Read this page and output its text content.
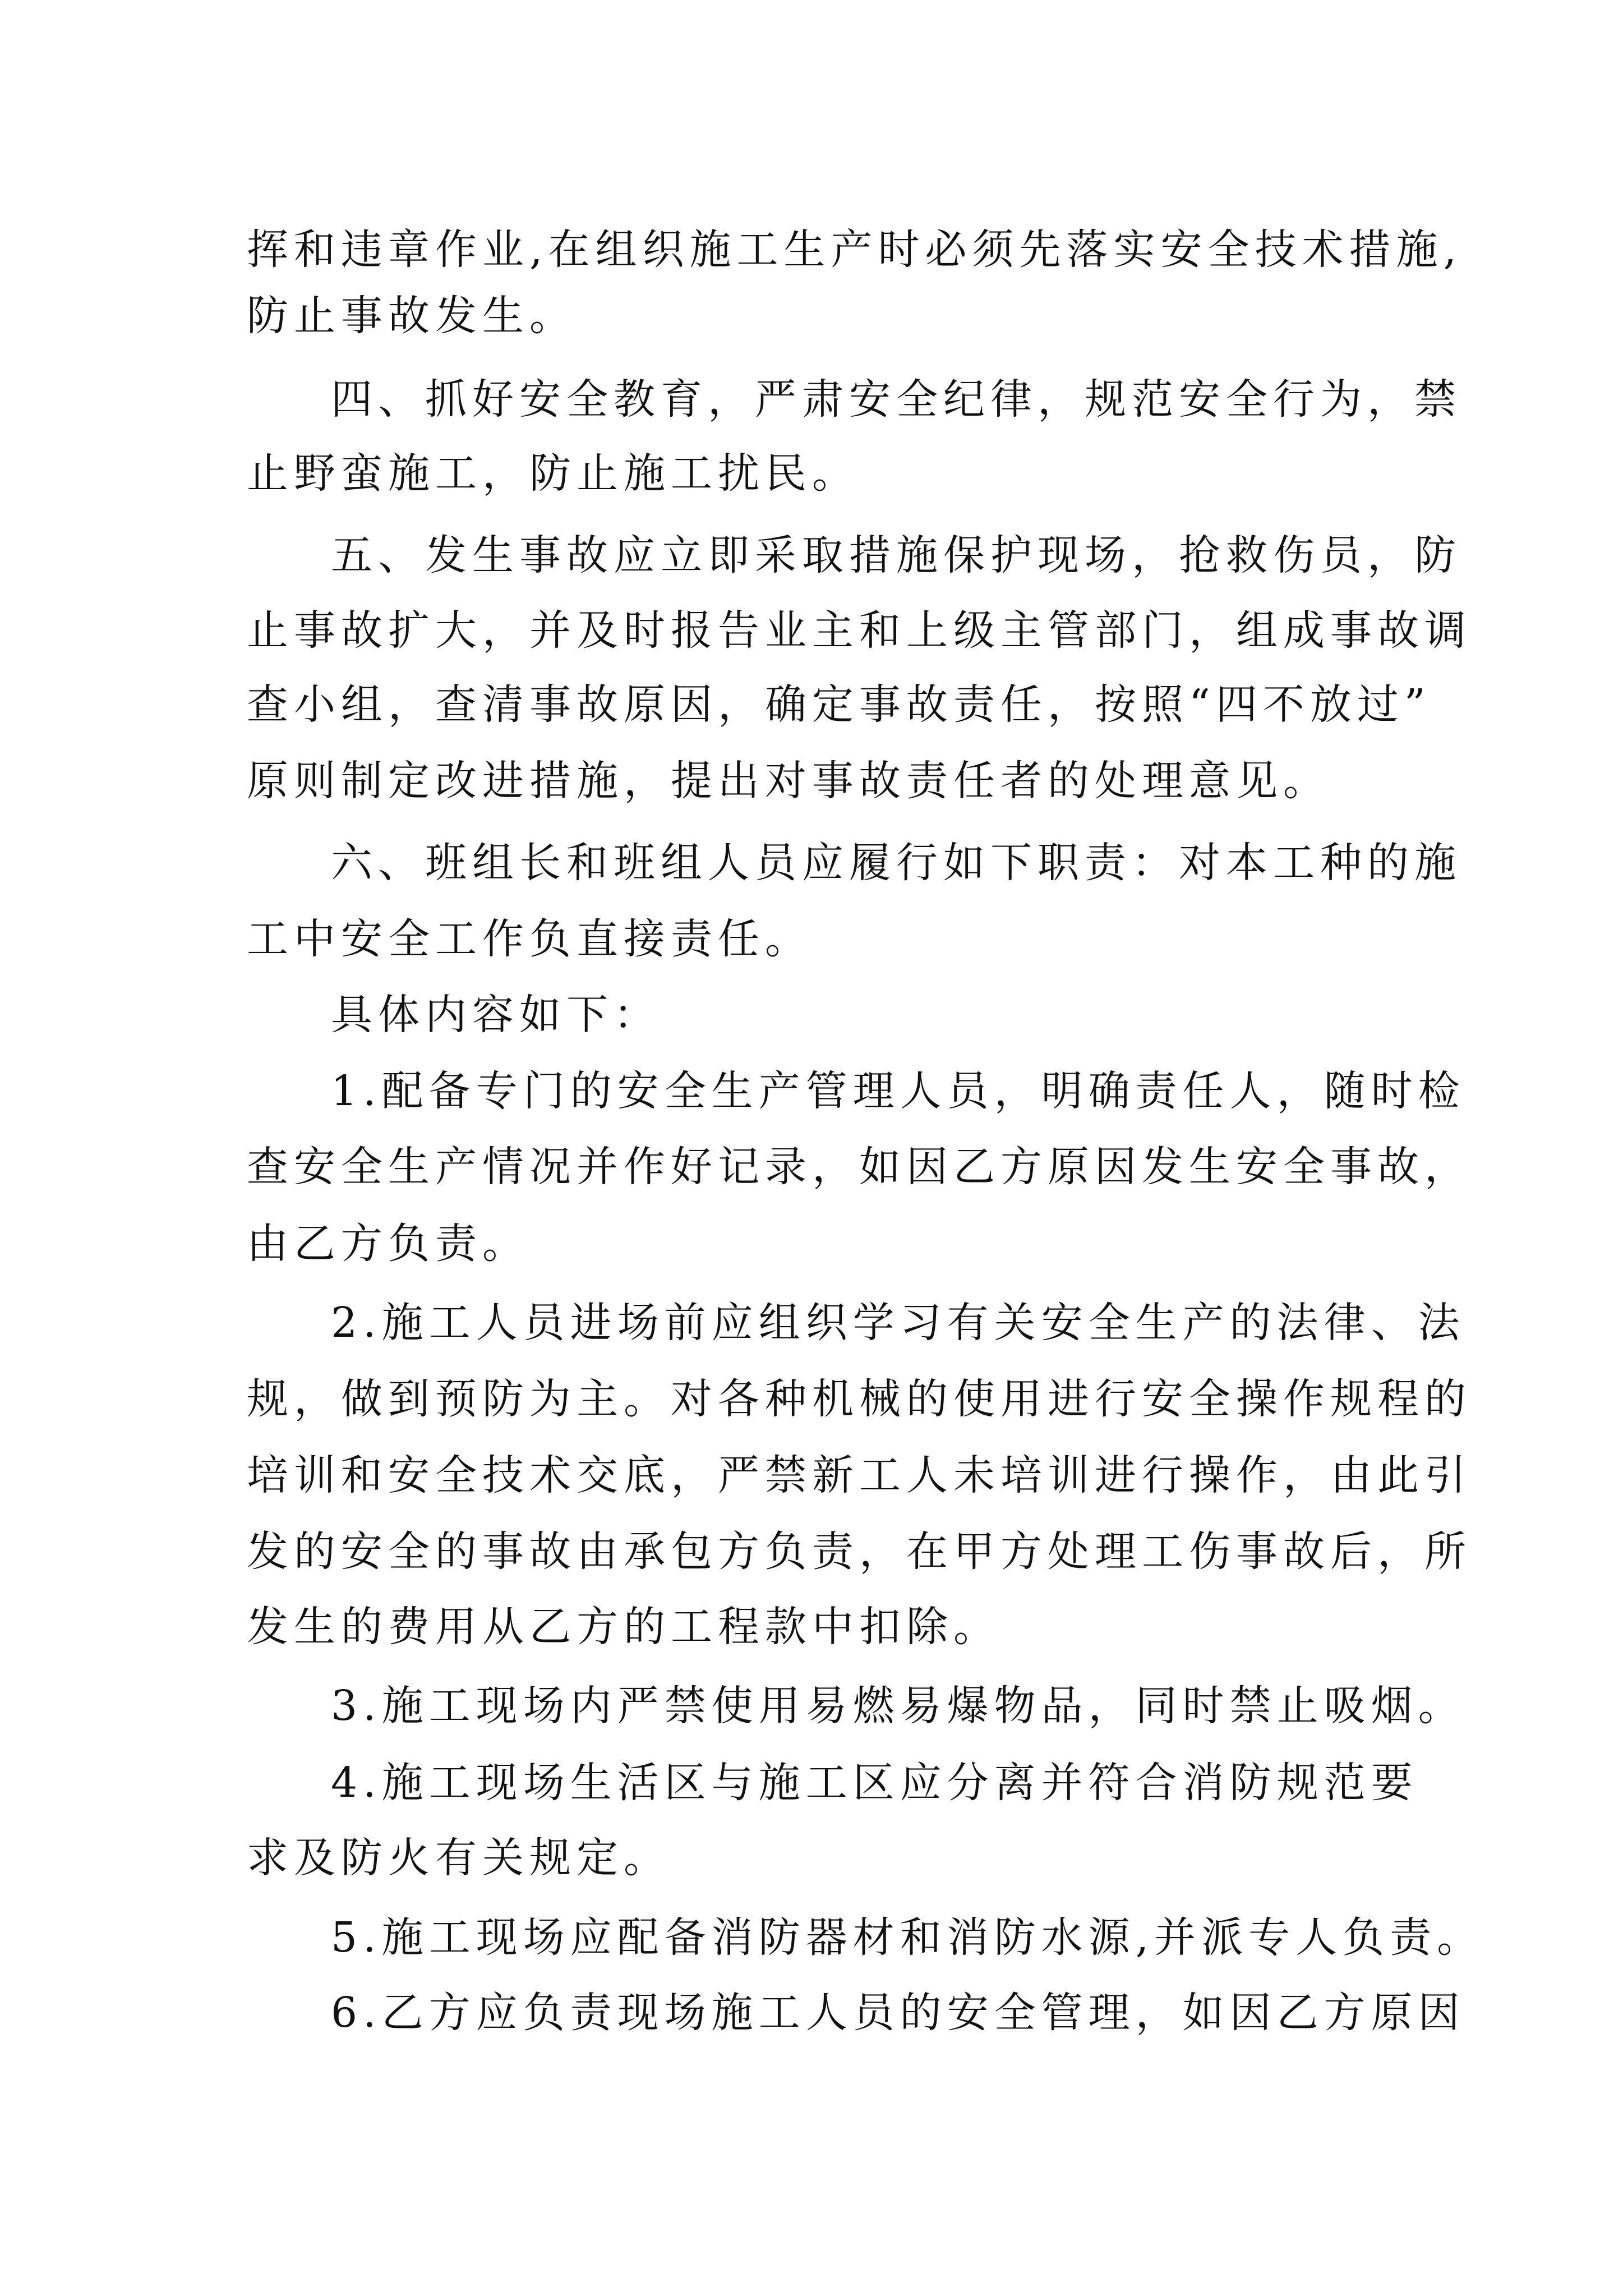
挥和违章作业,在组织施工生产时必须先落实安全技术措施,
防止事故发生。
四、抓好安全教育，严肃安全纪律，规范安全行为，禁
止野蛮施工，防止施工扰民。
五、发生事故应立即采取措施保护现场，抢救伤员，防
止事故扩大，并及时报告业主和上级主管部门，组成事故调
查小组，查清事故原因，确定事故责任，按照“四不放过”
原则制定改进措施，提出对事故责任者的处理意见。
六、班组长和班组人员应履行如下职责：对本工种的施
工中安全工作负直接责任。
具体内容如下：
1.配备专门的安全生产管理人员，明确责任人，随时检
查安全生产情况并作好记录，如因乙方原因发生安全事故，
由乙方负责。
2.施工人员进场前应组织学习有关安全生产的法律、法
规，做到预防为主。对各种机械的使用进行安全操作规程的
培训和安全技术交底，严禁新工人未培训进行操作，由此引
发的安全的事故由承包方负责，在甲方处理工伤事故后，所
发生的费用从乙方的工程款中扣除。
3.施工现场内严禁使用易燃易爆物品，同时禁止吸烟。
4.施工现场生活区与施工区应分离并符合消防规范要
求及防火有关规定。
5.施工现场应配备消防器材和消防水源,并派专人负责。
6.乙方应负责现场施工人员的安全管理，如因乙方原因
